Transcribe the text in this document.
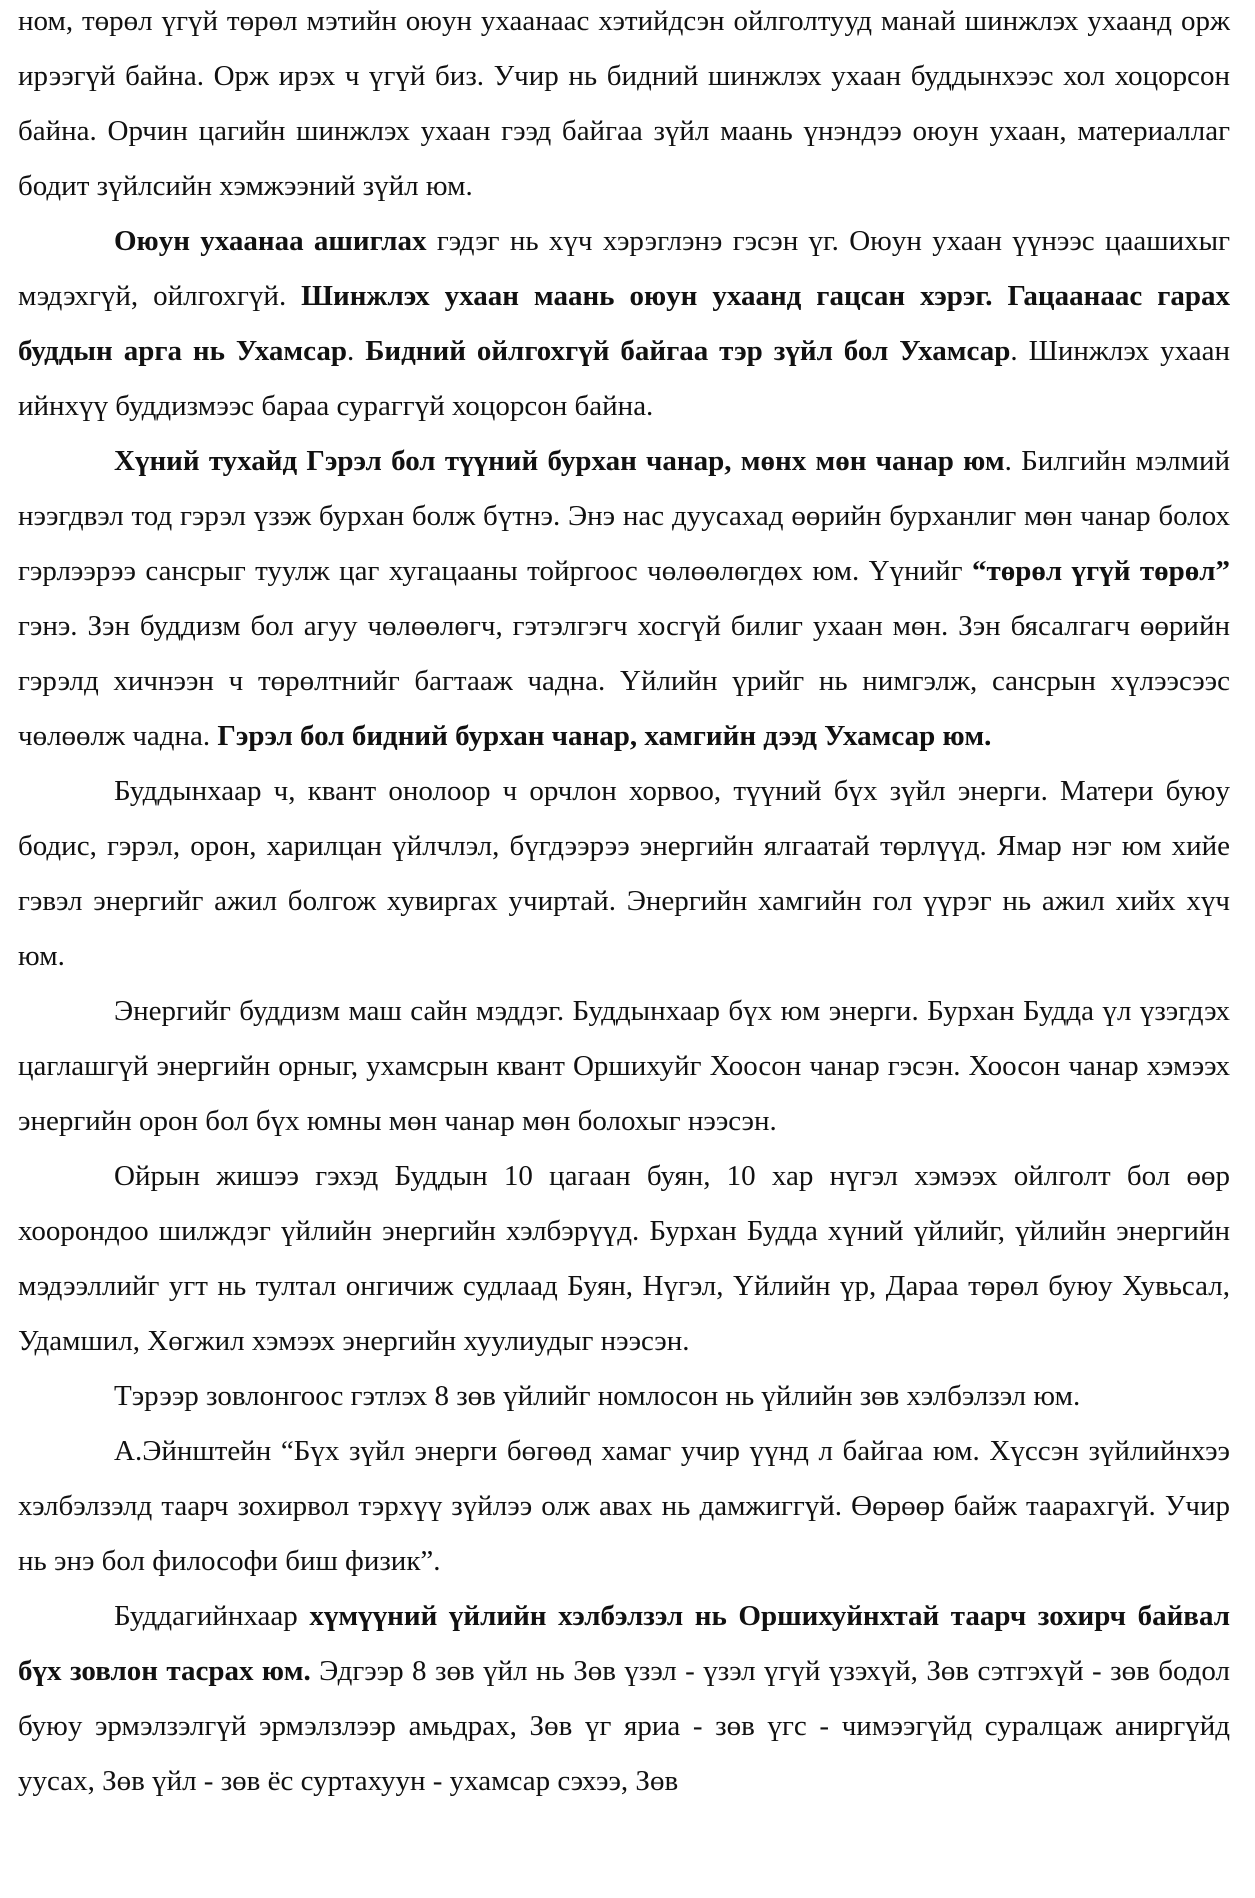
ном, төрөл үгүй төрөл мэтийн оюун ухаанаас хэтийдсэн ойлголтууд манай шинжлэх ухаанд орж ирээгүй байна. Орж ирэх ч үгүй биз. Учир нь бидний шинжлэх ухаан буддынхээс хол хоцорсон байна. Орчин цагийн шинжлэх ухаан гээд байгаа зүйл маань үнэндээ оюун ухаан, материаллаг бодит зүйлсийн хэмжээний зүйл юм.

Оюун ухаанаа ашиглах гэдэг нь хүч хэрэглэнэ гэсэн үг. Оюун ухаан үүнээс цаашихыг мэдэхгүй, ойлгохгүй. Шинжлэх ухаан маань оюун ухаанд гацсан хэрэг. Гацаанаас гарах буддын арга нь Ухамсар. Бидний ойлгохгүй байгаа тэр зүйл бол Ухамсар. Шинжлэх ухаан ийнхүү буддизмээс бараа сураггүй хоцорсон байна.

Хүний тухайд Гэрэл бол түүний бурхан чанар, мөнх мөн чанар юм. Билгийн мэлмий нээгдвэл тод гэрэл үзэж бурхан болж бүтнэ. Энэ нас дуусахад өөрийн бурханлиг мөн чанар болох гэрлээрээ сансрыг туулж цаг хугацааны тойргоос чөлөөлөгдөх юм. Үүнийг “төрөл үгүй төрөл” гэнэ. Зэн буддизм бол агуу чөлөөлөгч, гэтэлгэгч хосгүй билиг ухаан мөн. Зэн бясалгагч өөрийн гэрэлд хичнээн ч төрөлтнийг багтааж чадна. Үйлийн үрийг нь нимгэлж, сансрын хүлээсээс чөлөөлж чадна. Гэрэл бол бидний бурхан чанар, хамгийн дээд Ухамсар юм.

Буддынхаар ч, квант онолоор ч орчлон хорвоо, түүний бүх зүйл энерги. Матери буюу бодис, гэрэл, орон, харилцан үйлчлэл, бүгдээрээ энергийн ялгаатай төрлүүд. Ямар нэг юм хийе гэвэл энергийг ажил болгож хувиргах учиртай. Энергийн хамгийн гол үүрэг нь ажил хийх хүч юм.

Энергийг буддизм маш сайн мэддэг. Буддынхаар бүх юм энерги. Бурхан Будда үл үзэгдэх цаглашгүй энергийн орныг, ухамсрын квант Оршихуйг Хоосон чанар гэсэн. Хоосон чанар хэмээх энергийн орон бол бүх юмны мөн чанар мөн болохыг нээсэн.

Ойрын жишээ гэхэд Буддын 10 цагаан буян, 10 хар нүгэл хэмээх ойлголт бол өөр хоорондоо шилждэг үйлийн энергийн хэлбэрүүд. Бурхан Будда хүний үйлийг, үйлийн энергийн мэдээллийг угт нь тултал онгичиж судлаад Буян, Нүгэл, Үйлийн үр, Дараа төрөл буюу Хувьсал, Удамшил, Хөгжил хэмээх энергийн хуулиудыг нээсэн.

Тэрээр зовлонгоос гэтлэх 8 зөв үйлийг номлосон нь үйлийн зөв хэлбэлзэл юм.

А.Эйнштейн “Бүх зүйл энерги бөгөөд хамаг учир үүнд л байгаа юм. Хүссэн зүйлийнхээ хэлбэлзэлд таарч зохирвол тэрхүү зүйлээ олж авах нь дамжиггүй. Өөрөөр байж таарахгүй. Учир нь энэ бол философи биш физик”.

Буддагийнхаар хүмүүний үйлийн хэлбэлзэл нь Оршихуйнхтай таарч зохирч байвал бүх зовлон тасрах юм. Эдгээр 8 зөв үйл нь Зөв үзэл - үзэл үгүй үзэхүй, Зөв сэтгэхүй - зөв бодол буюу эрмэлзэлгүй эрмэлзлээр амьдрах, Зөв үг яриа - зөв үгс - чимээгүйд суралцаж аниргүйд уусах, Зөв үйл - зөв ёс суртахуун - ухамсар сэхээ, Зөв
